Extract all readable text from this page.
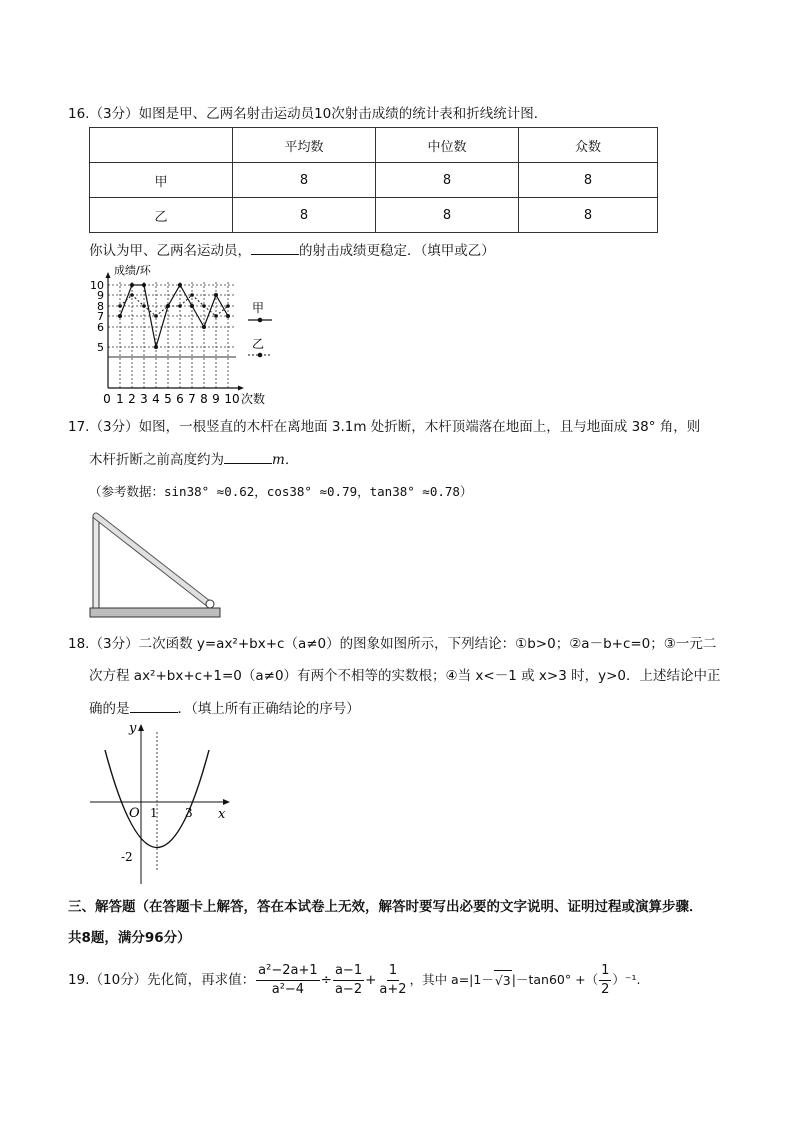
16.（3分）如图是甲、乙两名射击运动员10次射击成绩的统计表和折线统计图．
	平均数	中位数	众数
甲	8	8	8
乙	8	8	8
你认为甲、乙两名运动员，	的射击成绩更稳定．（填甲或乙）
成绩/环
5
6
7
8
9
10
0 1 2 3 4 5 6 7 8 9 10 次数
甲
乙
17.（3分）如图，一根竖直的木杆在离地面 3.1m 处折断，木杆顶端落在地面上，且与地面成 38° 角，则
木杆折断之前高度约为	m．
（参考数据：sin38° ≈0.62，cos38° ≈0.79，tan38° ≈0.78）
18.（3分）二次函数 y=ax²+bx+c（a≠0）的图象如图所示，下列结论：①b>0；②a－b+c=0；③一元二
次方程 ax²+bx+c+1=0（a≠0）有两个不相等的实数根；④当 x<－1 或 x>3 时，y>0．上述结论中正
确的是	．（填上所有正确结论的序号）
y
x
O 1 3
-2
三、解答题（在答题卡上解答，答在本试卷上无效，解答时要写出必要的文字说明、证明过程或演算步骤．
共8题，满分96分）
19. （10分） 先化简，再求值： $\frac{\text{a²−2a+1}}{\text{a²−4}} \div \frac{a-1}{a-2} + \frac{1}{a+2}$ ，其中 a=|1－ √3 |－tan60° +（ $\frac{1}{2} )^{-1}$.
